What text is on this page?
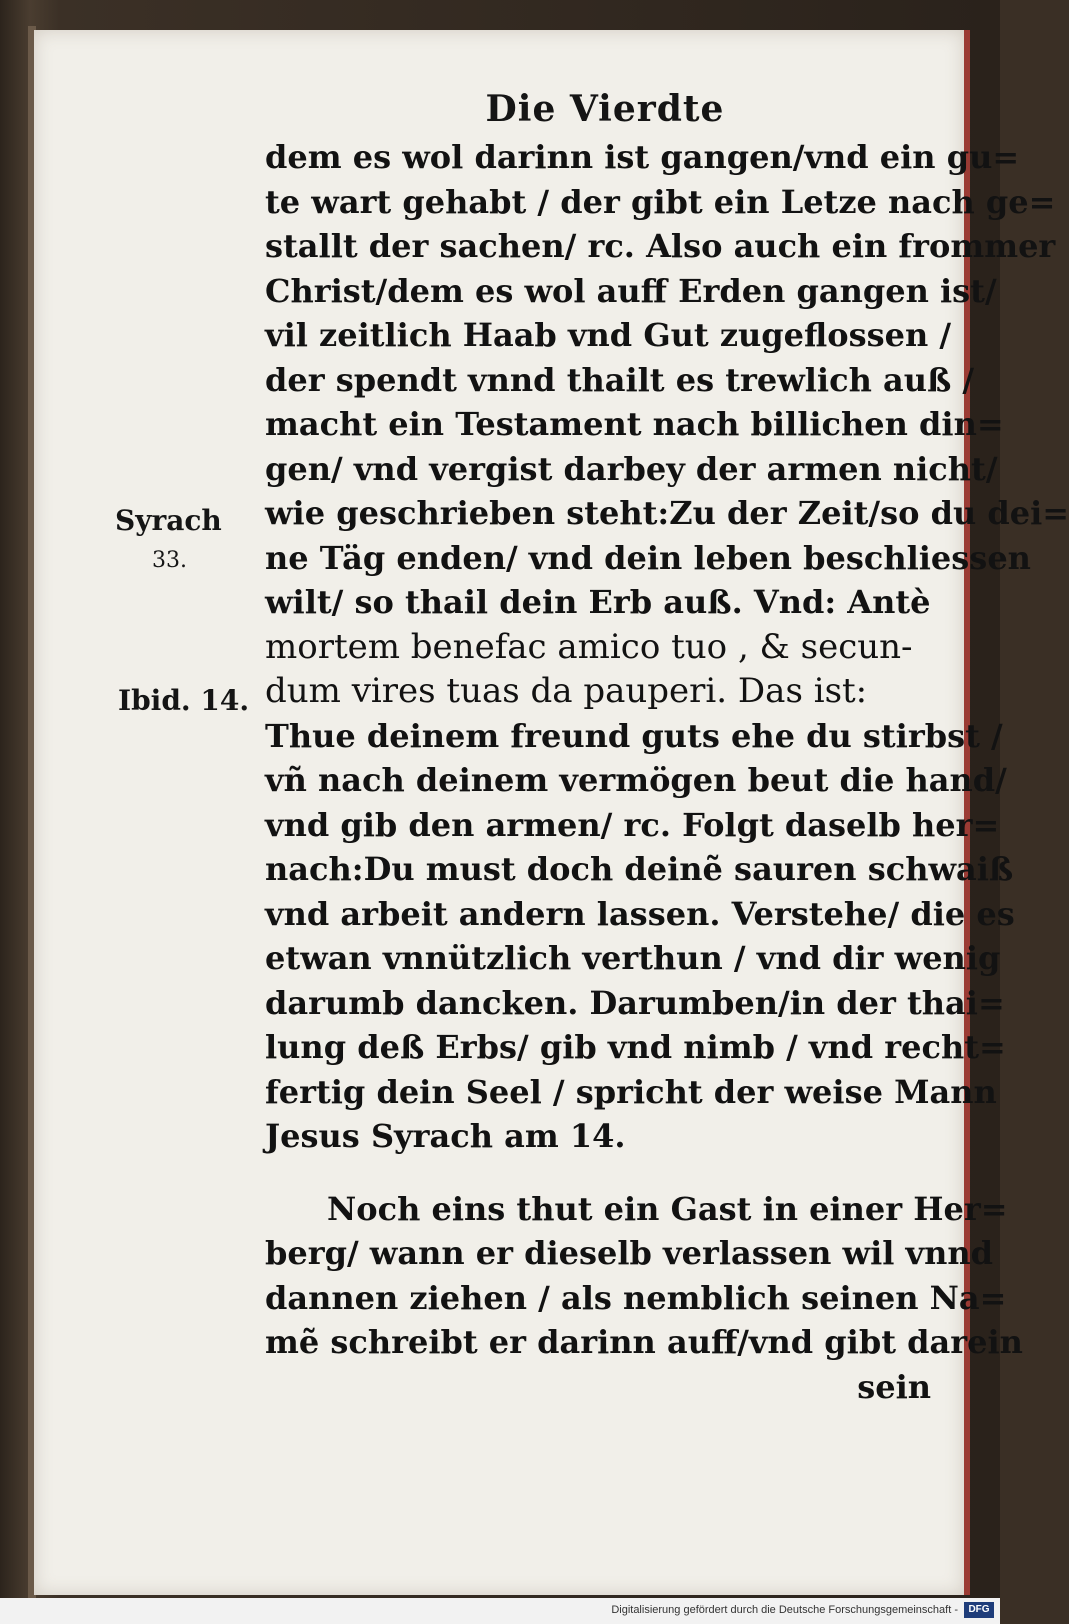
Die Vierdte
dem es wol darinn ist gangen/vnd ein gu=
te wart gehabt / der gibt ein Letze nach ge=
stallt der sachen/ rc. Also auch ein frommer
Christ/dem es wol auff Erden gangen ist/
vil zeitlich Haab vnd Gut zugeflossen /
der spendt vnnd thailt es trewlich auß /
macht ein Testament nach billichen din=
gen/ vnd vergist darbey der armen nicht/
wie geschrieben steht:Zu der Zeit/so du dei=
ne Täg enden/ vnd dein leben beschliessen
wilt/ so thail dein Erb auß. Vnd: Antè
mortem benefac amico tuo , & secun-
dum vires tuas da pauperi. Das ist:
Thue deinem freund guts ehe du stirbst /
vñ nach deinem vermögen beut die hand/
vnd gib den armen/ rc. Folgt daselb her=
nach:Du must doch deinẽ sauren schwaiß
vnd arbeit andern lassen. Verstehe/ die es
etwan vnnützlich verthun / vnd dir wenig
darumb dancken. Darumben/in der thai=
lung deß Erbs/ gib vnd nimb / vnd recht=
fertig dein Seel / spricht der weise Mann
Jesus Syrach am 14.
Noch eins thut ein Gast in einer Her=
berg/ wann er dieselb verlassen wil vnnd
dannen ziehen / als nemblich seinen Na=
mẽ schreibt er darinn auff/vnd gibt darein
sein
Syrach
33.
Ibid. 14.
Digitalisierung gefördert durch die Deutsche Forschungsgemeinschaft -	DFG
